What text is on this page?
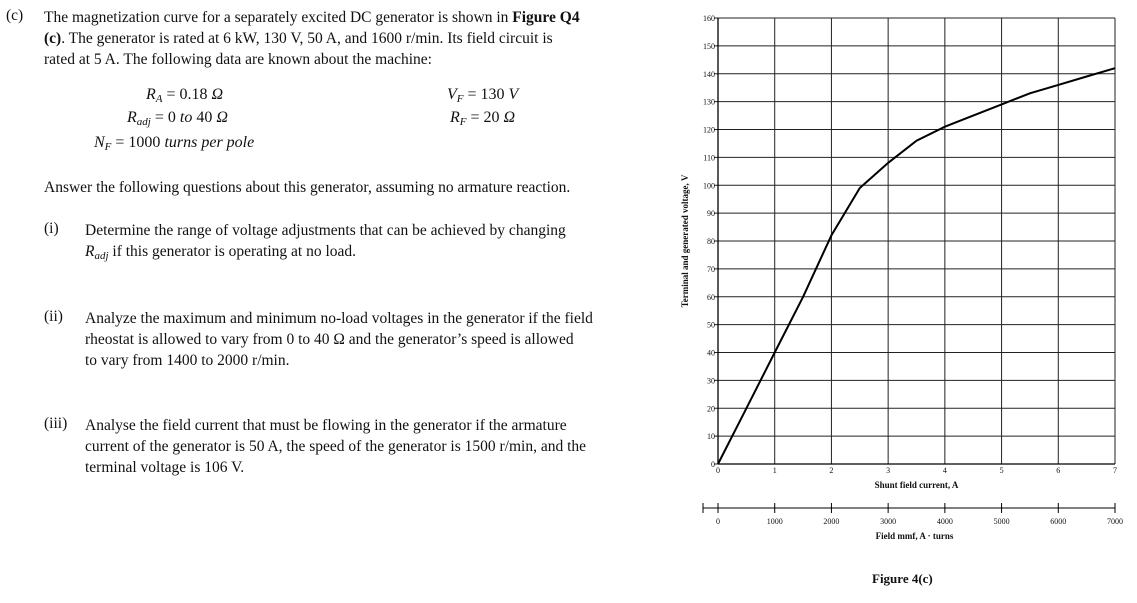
(c) The magnetization curve for a separately excited DC generator is shown in Figure Q4
(c). The generator is rated at 6 kW, 130 V, 50 A, and 1600 r/min. Its field circuit is
rated at 5 A. The following data are known about the machine:
$R_A = 0.18$ Ω
$R_{adj} = 0$ to 40 Ω
$N_F = 1000$ turns per pole
$V_F = 130$ V
$R_F = 20$ Ω
Answer the following questions about this generator, assuming no armature reaction.
(i) Determine the range of voltage adjustments that can be achieved by changing
Radj if this generator is operating at no load.
(ii) Analyze the maximum and minimum no-load voltages in the generator if the field
rheostat is allowed to vary from 0 to 40 Ω and the generator’s speed is allowed
to vary from 1400 to 2000 r/min.
(iii) Analyse the field current that must be flowing in the generator if the armature
current of the generator is 50 A, the speed of the generator is 1500 r/min, and the
terminal voltage is 106 V.	0
10
20
30
40
50
60
70
80
90
100
110
120
130
140
150
160
0	1	2	3	4	5	6	7
Shunt field current, A
Terminal and generated voltage, V
0	1000	2000	3000	4000	5000	6000	7000
Field mmf, A · turns
Figure 4(c)
